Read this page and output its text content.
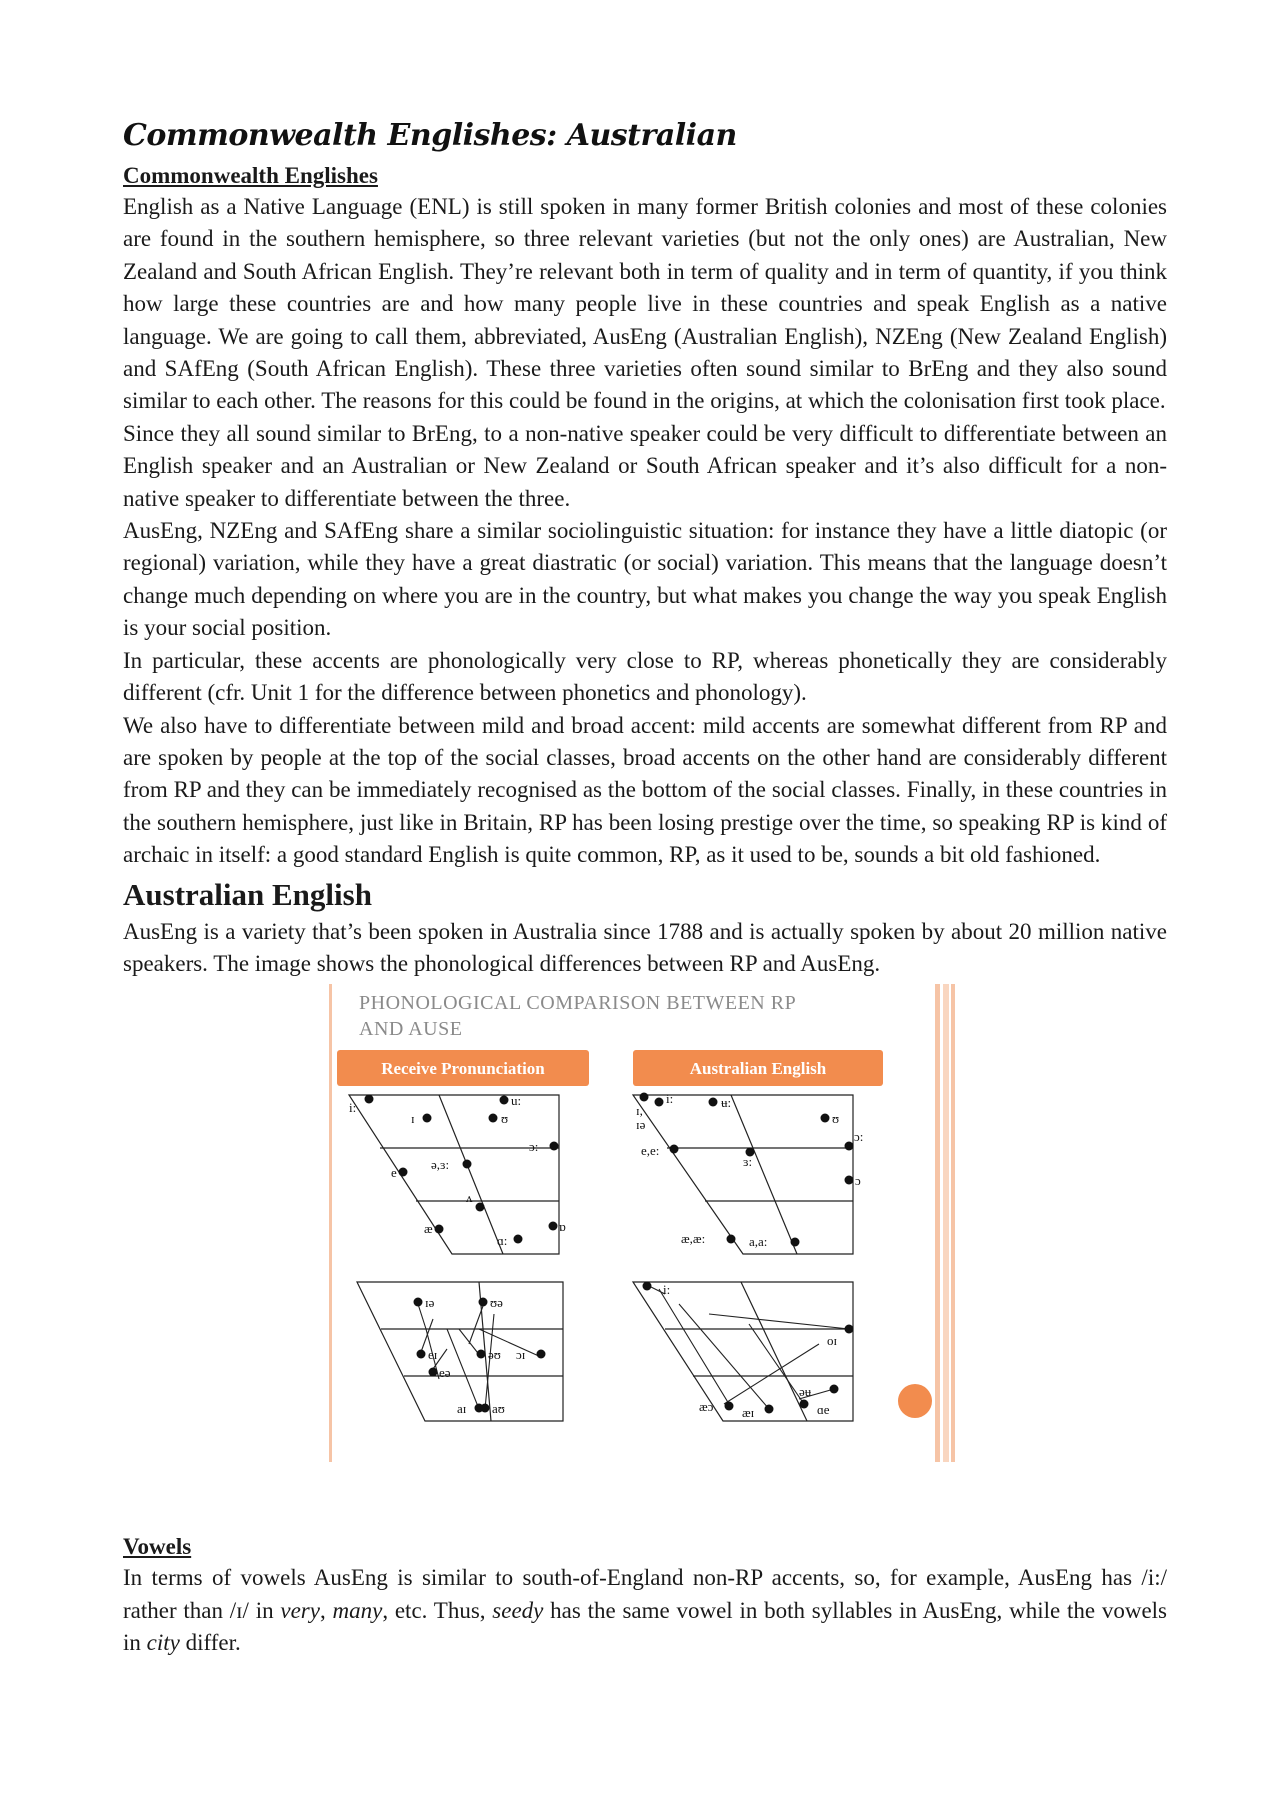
Commonwealth Englishes: Australian

Commonwealth Englishes

English as a Native Language (ENL) is still spoken in many former British colonies and most of these colonies are found in the southern hemisphere, so three relevant varieties (but not the only ones) are Australian, New Zealand and South African English. They’re relevant both in term of quality and in term of quantity, if you think how large these countries are and how many people live in these countries and speak English as a native language. We are going to call them, abbreviated, AusEng (Australian English), NZEng (New Zealand English) and SAfEng (South African English). These three varieties often sound similar to BrEng and they also sound similar to each other. The reasons for this could be found in the origins, at which the colonisation first took place.

Since they all sound similar to BrEng, to a non-native speaker could be very difficult to differentiate between an English speaker and an Australian or New Zealand or South African speaker and it’s also difficult for a non-native speaker to differentiate between the three.

AusEng, NZEng and SAfEng share a similar sociolinguistic situation: for instance they have a little diatopic (or regional) variation, while they have a great diastratic (or social) variation. This means that the language doesn’t change much depending on where you are in the country, but what makes you change the way you speak English is your social position.

In particular, these accents are phonologically very close to RP, whereas phonetically they are considerably different (cfr. Unit 1 for the difference between phonetics and phonology).

We also have to differentiate between mild and broad accent: mild accents are somewhat different from RP and are spoken by people at the top of the social classes, broad accents on the other hand are considerably different from RP and they can be immediately recognised as the bottom of the social classes. Finally, in these countries in the southern hemisphere, just like in Britain, RP has been losing prestige over the time, so speaking RP is kind of archaic in itself: a good standard English is quite common, RP, as it used to be, sounds a bit old fashioned.

Australian English

AusEng is a variety that’s been spoken in Australia since 1788 and is actually spoken by about 20 million native speakers. The image shows the phonological differences between RP and AusEng.

PHONOLOGICAL COMPARISON BETWEEN RP
AND AUSE
Receive Pronunciation	Australian English
i:
ɪ
u:
ʊ
ɔ:
ə,ɜ:
e
ʌ
æ	ɒ
ɑ:
i:	ʉ:
ɪ,
ɪə	ʊ
ɔ:
e,e:
ɜ:
ɔ
æ,æ:	a,a:
ɪə	ʊə
eɪ	əʊ ɔɪ
eə
aɪ aʊ
i:
oɪ
æɔ æɪ
əʉ
ɑe

Vowels

In terms of vowels AusEng is similar to south-of-England non-RP accents, so, for example, AusEng has /i:/ rather than /ɪ/ in very, many, etc. Thus, seedy has the same vowel in both syllables in AusEng, while the vowels in city differ.
